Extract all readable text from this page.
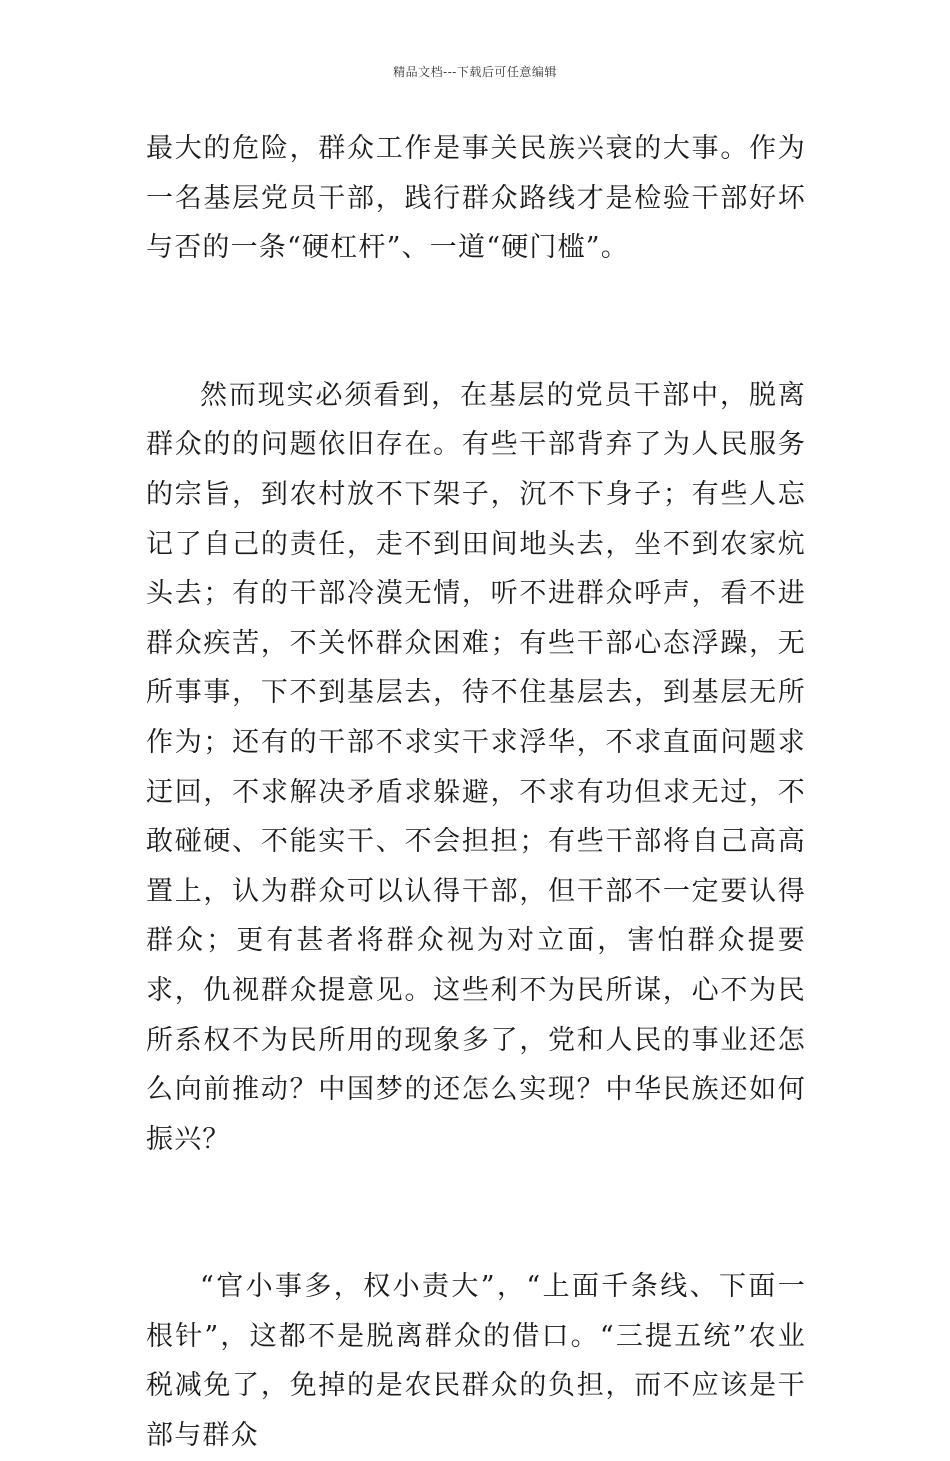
精品文档---下载后可任意编辑

最大的危险，群众工作是事关民族兴衰的大事。作为一名基层党员干部，践行群众路线才是检验干部好坏与否的一条“硬杠杆”、一道“硬门槛”。

然而现实必须看到，在基层的党员干部中，脱离群众的的问题依旧存在。有些干部背弃了为人民服务的宗旨，到农村放不下架子，沉不下身子；有些人忘记了自己的责任，走不到田间地头去，坐不到农家炕头去；有的干部冷漠无情，听不进群众呼声，看不进群众疾苦，不关怀群众困难；有些干部心态浮躁，无所事事，下不到基层去，待不住基层去，到基层无所作为；还有的干部不求实干求浮华，不求直面问题求迂回，不求解决矛盾求躲避，不求有功但求无过，不敢碰硬、不能实干、不会担担；有些干部将自己高高置上，认为群众可以认得干部，但干部不一定要认得群众；更有甚者将群众视为对立面，害怕群众提要求，仇视群众提意见。这些利不为民所谋，心不为民所系权不为民所用的现象多了，党和人民的事业还怎么向前推动？中国梦的还怎么实现？中华民族还如何振兴？

“官小事多，权小责大”，“上面千条线、下面一根针”，这都不是脱离群众的借口。“三提五统”农业税减免了，免掉的是农民群众的负担，而不应该是干部与群众
